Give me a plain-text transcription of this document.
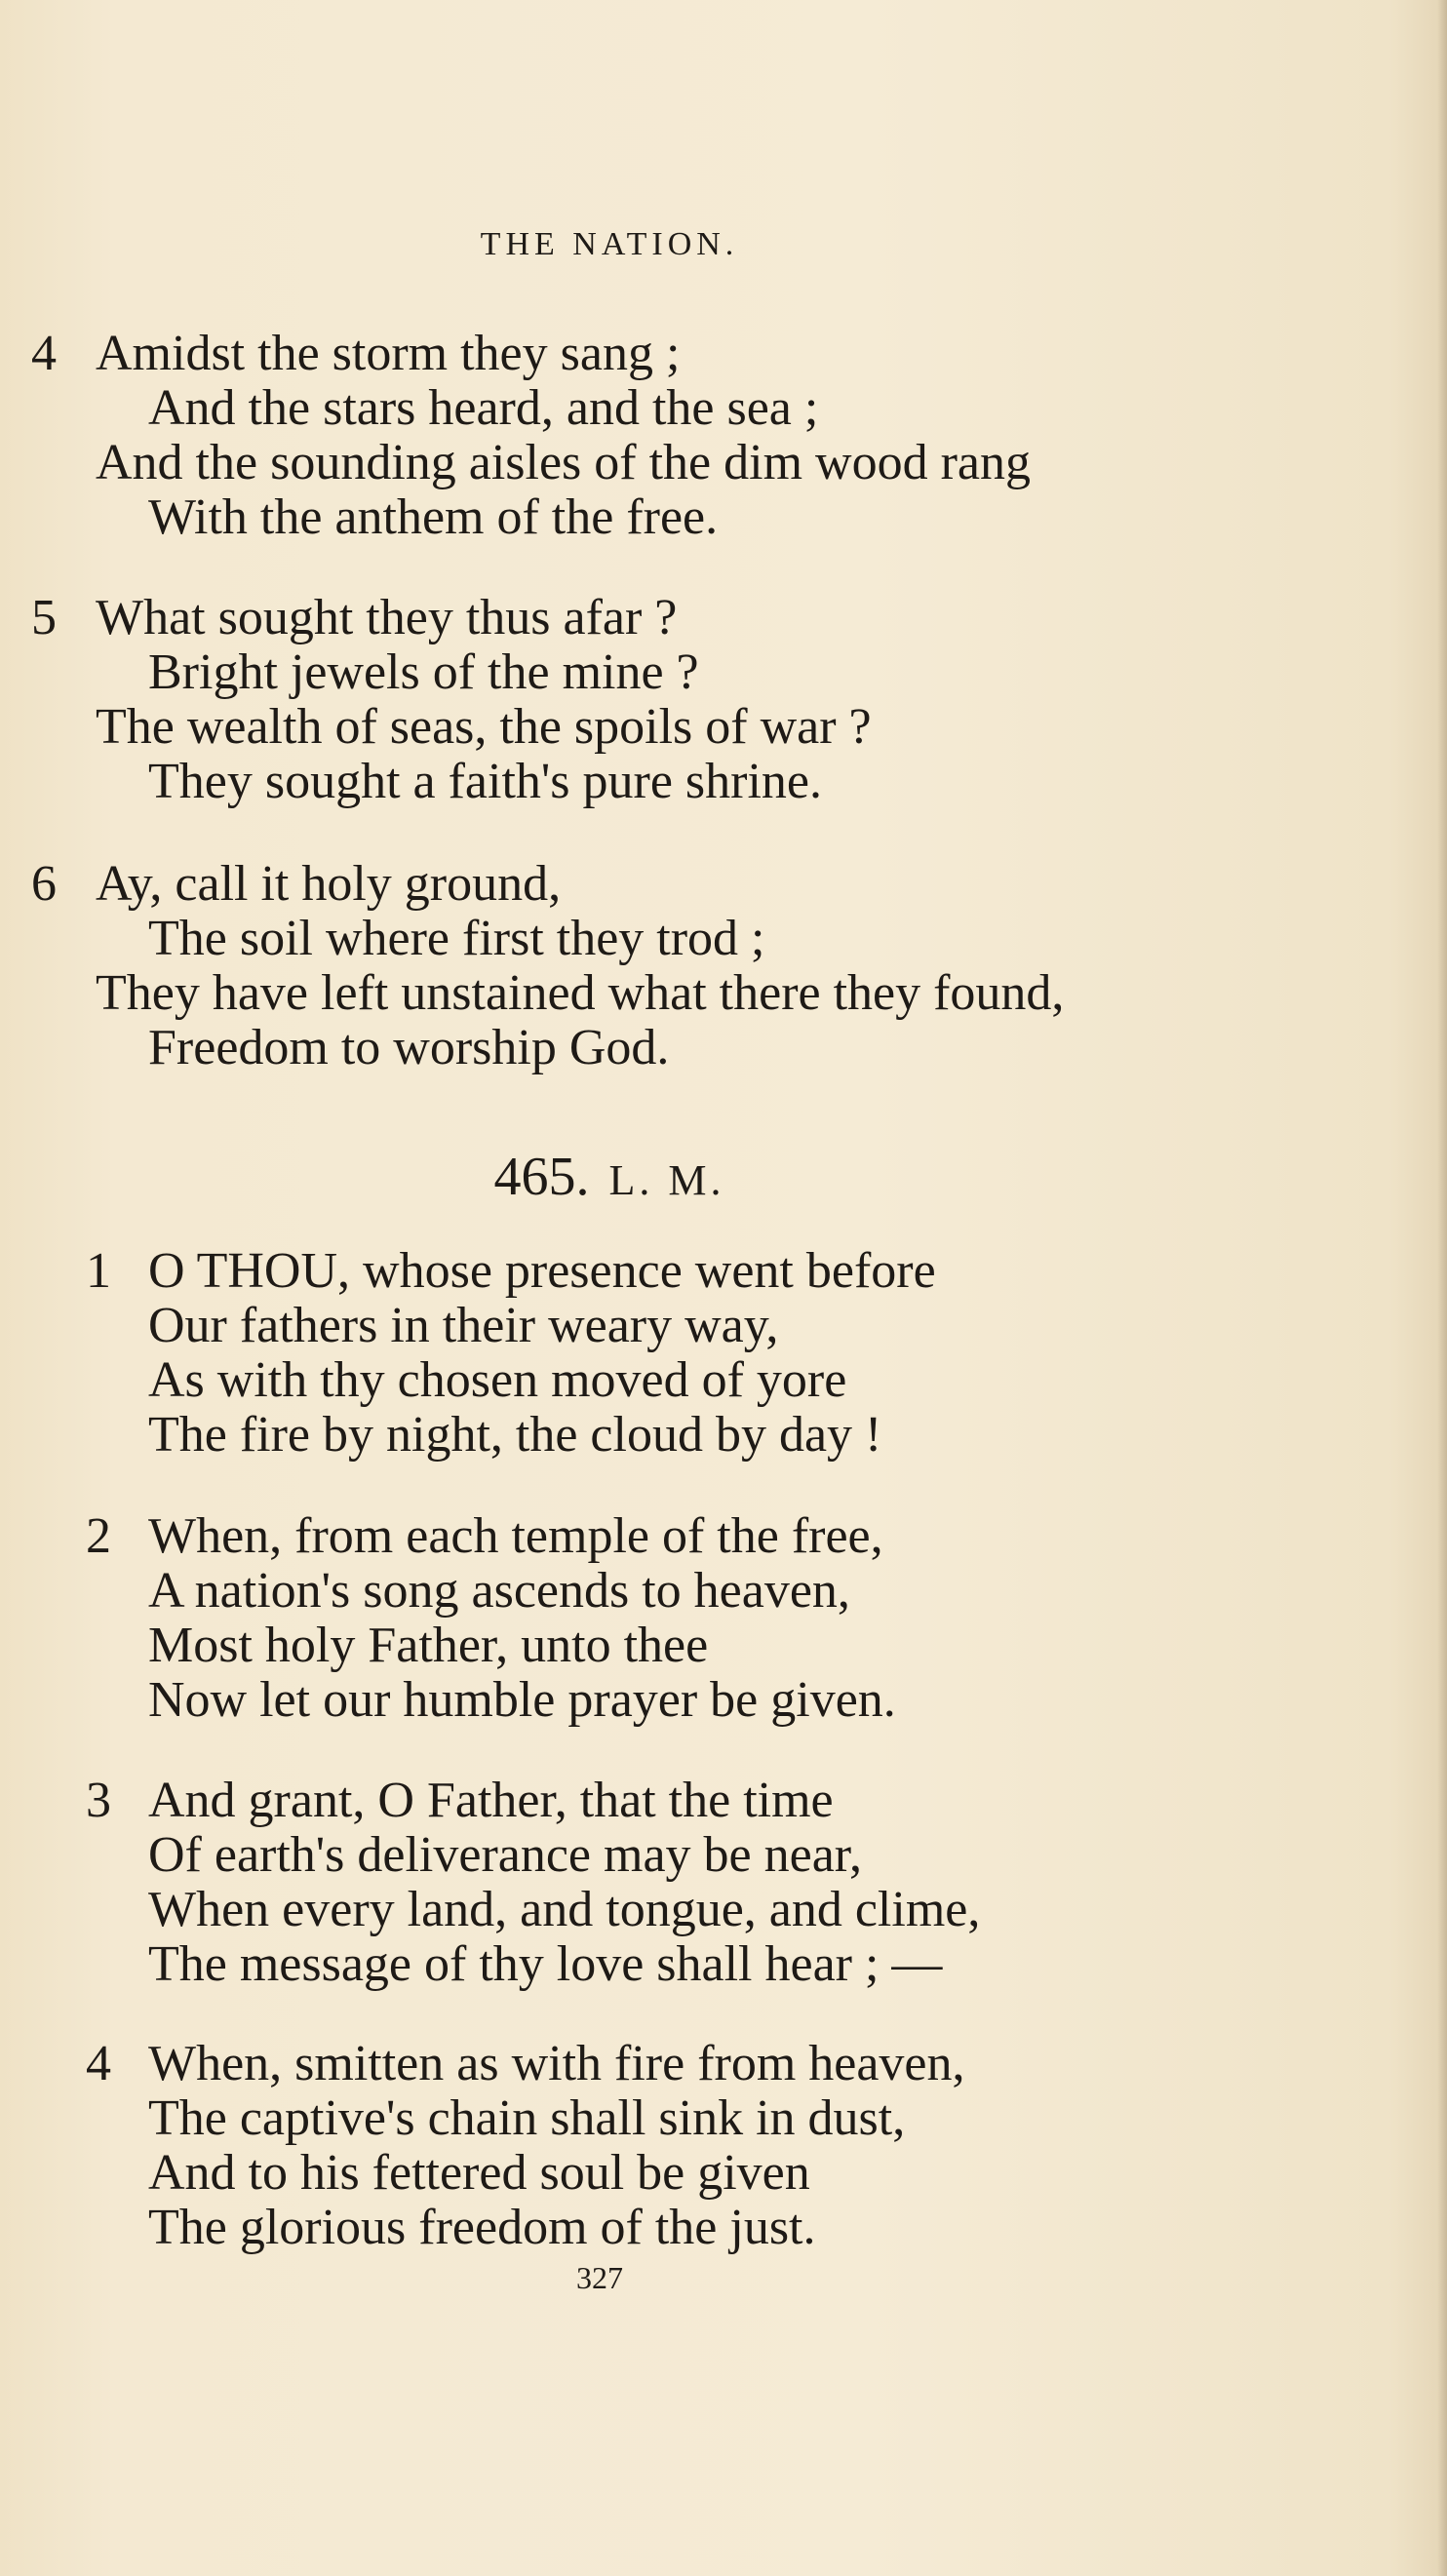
THE NATION.
4 Amidst the storm they sang ;
And the stars heard, and the sea ;
And the sounding aisles of the dim wood rang
With the anthem of the free.
5 What sought they thus afar ?
Bright jewels of the mine ?
The wealth of seas, the spoils of war ?
They sought a faith's pure shrine.
6 Ay, call it holy ground,
The soil where first they trod ;
They have left unstained what there they found,
Freedom to worship God.
465. L. M.
1 O THOU, whose presence went before
Our fathers in their weary way,
As with thy chosen moved of yore
The fire by night, the cloud by day !
2 When, from each temple of the free,
A nation's song ascends to heaven,
Most holy Father, unto thee
Now let our humble prayer be given.
3 And grant, O Father, that the time
Of earth's deliverance may be near,
When every land, and tongue, and clime,
The message of thy love shall hear ; —
4 When, smitten as with fire from heaven,
The captive's chain shall sink in dust,
And to his fettered soul be given
The glorious freedom of the just.
327
